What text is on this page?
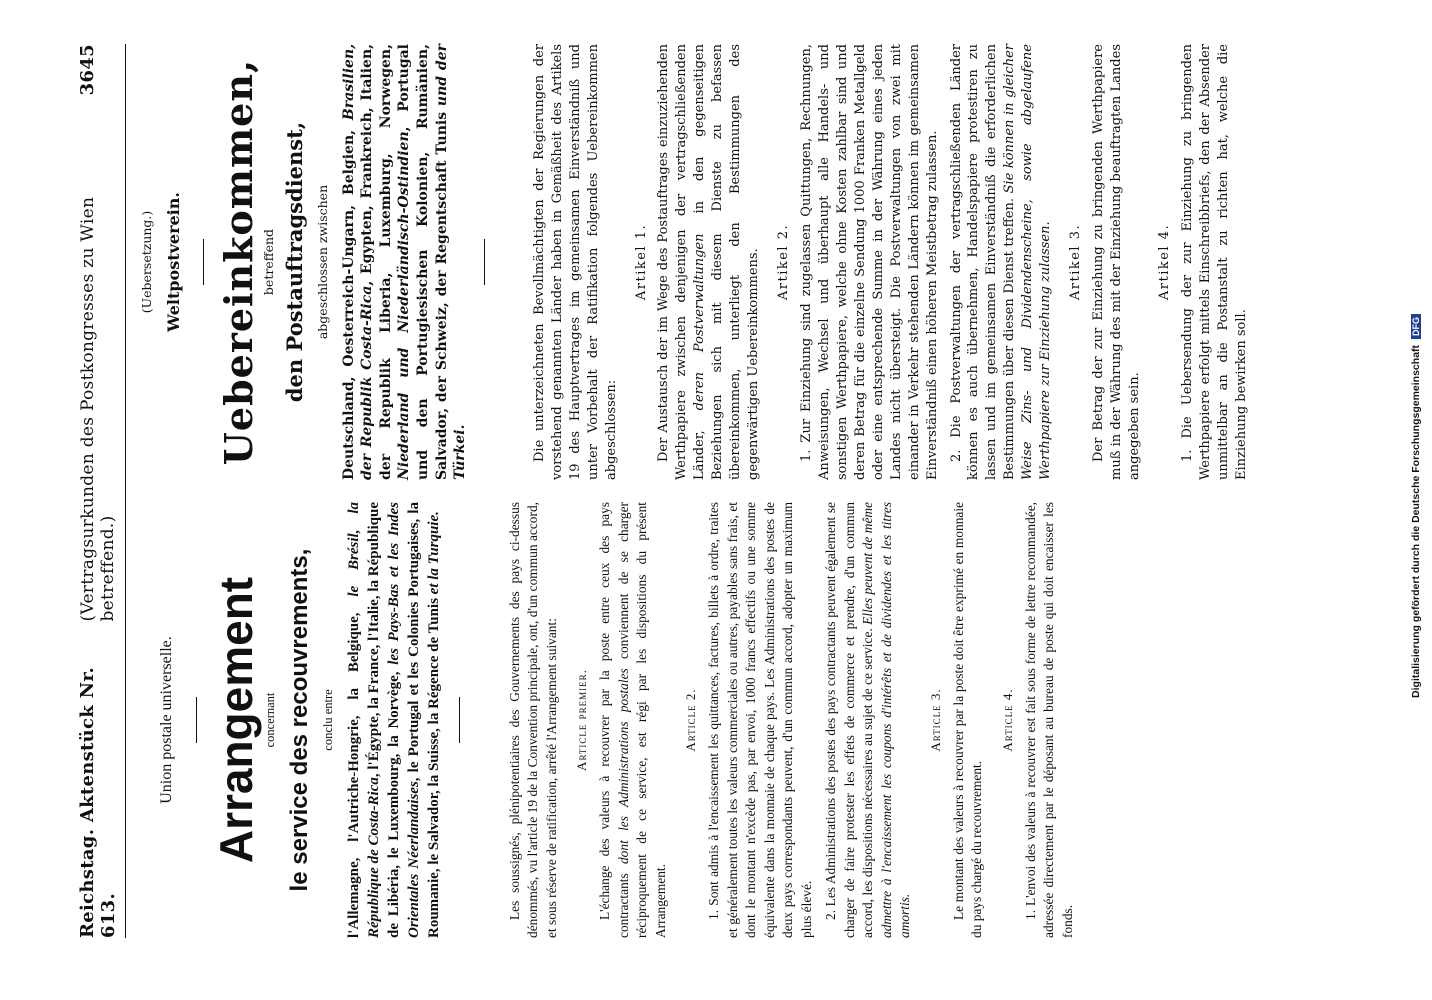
Reichstag. Aktenstück Nr. 613.
(Vertragsurkunden des Postkongresses zu Wien betreffend.)
3645
Union postale universelle. Arrangement concernant le service des recouvrements, conclu entre l'Allemagne, l'Autriche-Hongrie, la Belgique, le Brésil, la République de Costa-Rica, l'Égypte, la France, l'Italie, la République de Libéria, le Luxembourg, la Norvège, les Pays-Bas et les Indes Orientales Néerlandaises, le Portugal et les Colonies Portugaises, la Roumanie, le Salvador, la Suisse, la Régence de Tunis et la Turquie.	Les soussignés, plénipotentiaires des Gouvernements des pays ci-dessus dénommés, vu l'article 19 de la Convention principale, ont, d'un commun accord, et sous réserve de ratification, arrêté l'Arrangement suivant: Article premier. L'échange des valeurs à recouvrer par la poste entre ceux des pays contractants dont les Administrations postales conviennent de se charger réciproquement de ce service, est régi par les dispositions du présent Arrangement.

Article 2. 1. Sont admis à l'encaissement les quittances, factures, billets à ordre, traites et généralement toutes les valeurs commerciales ou autres, payables sans frais, et dont le montant n'excède pas, par envoi, 1000 francs effectifs ou une somme équivalente dans la monnaie de chaque pays. Les Administrations des postes de deux pays correspondants peuvent, d'un commun accord, adopter un maximum plus élevé. 2. Les Administrations des postes des pays contractants peuvent également se charger de faire protester les effets de commerce et prendre, d'un commun accord, les dispositions nécessaires au sujet de ce service. Elles peuvent de même admettre à l'encaissement les coupons d'intérêts et de dividendes et les titres amortis.

Article 3. Le montant des valeurs à recouvrer par la poste doit être exprimé en monnaie du pays chargé du recouvrement.

Article 4. 1. L'envoi des valeurs à recouvrer est fait sous forme de lettre recommandée, adressée directement par le déposant au bureau de poste qui doit encaisser les fonds.

(Uebersetzung.) Weltpostverein. Uebereinkommen, betreffend den Postauftragsdienst, abgeschlossen zwischen Deutschland, Oesterreich-Ungarn, Belgien, Brasilien, der Republik Costa-Rica, Egypten, Frankreich, Italien, der Republik Liberia, Luxemburg, Norwegen, Niederland und Niederländisch-Ostindien, Portugal und den Portugiesischen Kolonien, Rumänien, Salvador, der Schweiz, der Regentschaft Tunis und der Türkei.	Die unterzeichneten Bevollmächtigten der Regierungen der vorstehend genannten Länder haben in Gemäßheit des Artikels 19 des Hauptvertrages im gemeinsamen Einverständniß und unter Vorbehalt der Ratifikation folgendes Uebereinkommen abgeschlossen:

Artikel 1. Der Austausch der im Wege des Postauftrages einzuziehenden Werthpapiere zwischen denjenigen der vertragschließenden Länder, deren Postverwaltungen in den gegenseitigen Beziehungen sich mit diesem Dienste zu befassen übereinkommen, unterliegt den Bestimmungen des gegenwärtigen Uebereinkommens. Artikel 2. 1. Zur Einziehung sind zugelassen Quittungen, Rechnungen, Anweisungen, Wechsel und überhaupt alle Handels- und sonstigen Werthpapiere, welche ohne Kosten zahlbar sind und deren Betrag für die einzelne Sendung 1000 Franken Metallgeld oder eine entsprechende Summe in der Währung eines jeden Landes nicht übersteigt. Die Postverwaltungen von zwei mit einander in Verkehr stehenden Ländern können im gemeinsamen Einverständniß einen höheren Meistbetrag zulassen. 2. Die Postverwaltungen der vertragschließenden Länder können es auch übernehmen, Handelspapiere protestiren zu lassen und im gemeinsamen Einverständniß die erforderlichen Bestimmungen über diesen Dienst treffen. Sie können in gleicher Weise Zins- und Dividendenscheine, sowie abgelaufene Werthpapiere zur Einziehung zulassen. Artikel 3. Der Betrag der zur Einziehung zu bringenden Werthpapiere muß in der Währung des mit der Einziehung beauftragten Landes angegeben sein.

Artikel 4. 1. Die Uebersendung der zur Einziehung zu bringenden Werthpapiere erfolgt mittels Einschreibbriefs, den der Absender unmittelbar an die Postanstalt zu richten hat, welche die Einziehung bewirken soll.	Digitalisierung gefördert durch die Deutsche Forschungsgemeinschaft DFG
